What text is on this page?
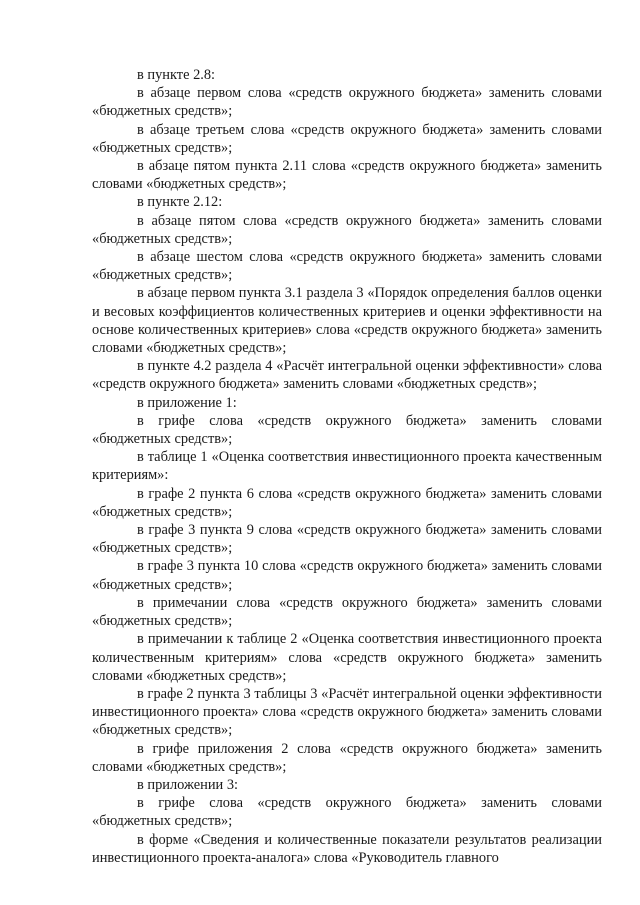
в пункте 2.8:

в абзаце первом слова «средств окружного бюджета» заменить словами «бюджетных средств»;

в абзаце третьем слова «средств окружного бюджета» заменить словами «бюджетных средств»;

в абзаце пятом пункта 2.11 слова «средств окружного бюджета» заменить словами «бюджетных средств»;

в пункте 2.12:

в абзаце пятом слова «средств окружного бюджета» заменить словами «бюджетных средств»;

в абзаце шестом слова «средств окружного бюджета» заменить словами «бюджетных средств»;

в абзаце первом пункта 3.1 раздела 3 «Порядок определения баллов оценки и весовых коэффициентов количественных критериев и оценки эффективности на основе количественных критериев» слова «средств окружного бюджета» заменить словами «бюджетных средств»;

в пункте 4.2 раздела 4 «Расчёт интегральной оценки эффективности» слова «средств окружного бюджета» заменить словами «бюджетных средств»;

в приложение 1:

в грифе слова «средств окружного бюджета» заменить словами «бюджетных средств»;

в таблице 1 «Оценка соответствия инвестиционного проекта качественным критериям»:

в графе 2 пункта 6 слова «средств окружного бюджета» заменить словами «бюджетных средств»;

в графе 3 пункта 9 слова «средств окружного бюджета» заменить словами «бюджетных средств»;

в графе 3 пункта 10 слова «средств окружного бюджета» заменить словами «бюджетных средств»;

в примечании слова «средств окружного бюджета» заменить словами «бюджетных средств»;

в примечании к таблице 2 «Оценка соответствия инвестиционного проекта количественным критериям» слова «средств окружного бюджета» заменить словами «бюджетных средств»;

в графе 2 пункта 3 таблицы 3 «Расчёт интегральной оценки эффективности инвестиционного проекта» слова «средств окружного бюджета» заменить словами «бюджетных средств»;

в грифе приложения 2 слова «средств окружного бюджета» заменить словами «бюджетных средств»;

в приложении 3:

в грифе слова «средств окружного бюджета» заменить словами «бюджетных средств»;

в форме «Сведения и количественные показатели результатов реализации инвестиционного проекта-аналога» слова «Руководитель главного
